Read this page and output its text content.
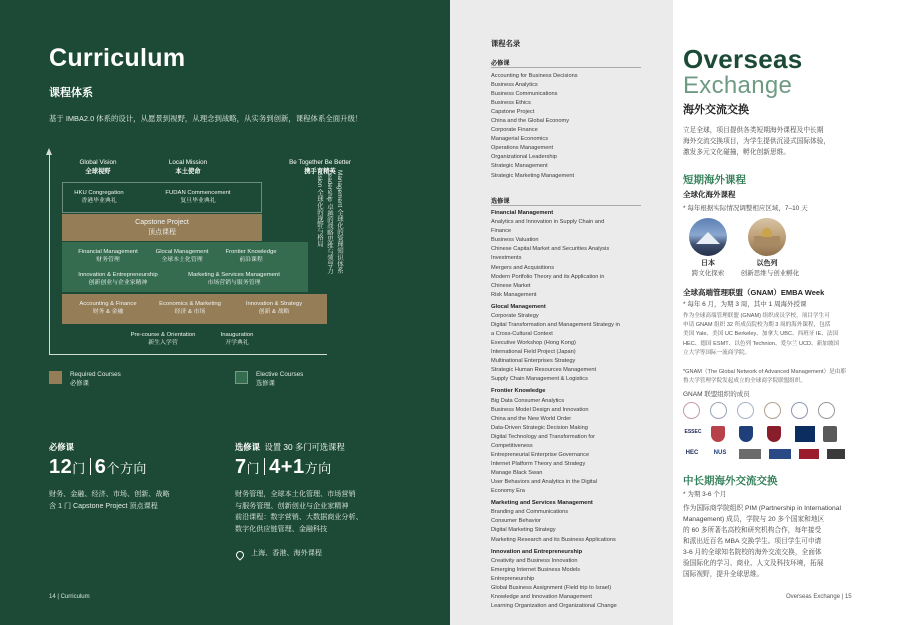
Curriculum
课程体系
基于 IMBA2.0 体系的设计，从愿景到视野，从理念到战略，从实务到创新，课程体系全面升级！
Global Vision
全球视野
Local Mission
本土使命
Be Together Be Better
携手育精英
HKU Congregation
香港毕业典礼
FUDAN Commencement
复旦毕业典礼
Capstone Project
顶点课程
Financial Management
财务管理
Glocal Management
全球本土化管理
Frontier Knowledge
前沿课程
Innovation & Entrepreneurship
创新创业与企业家精神
Marketing & Services Management
市场营销与服务管理
Accounting & Finance
财务 & 金融
Economics & Marketing
经济 & 市场
Innovation & Strategy
创新 & 战略
Pre-course & Orientation
新生入学营
Inauguration
开学典礼
Management 全球化的管理知识体系
Leadership 卓越的战略思维与领导力
Vision 全球化的视野与格局
Required Courses
必修课
Elective Courses
选修课
必修课
12门 6个方向
财务、金融、经济、市场、创新、战略
含 1 门 Capstone Project 顶点课程
选修课 设置 30 多门可选课程
7门 4+1方向
财务管理，全球本土化管理、市场营销
与服务管理、创新创业与企业家精神
前沿课程：数字营销、大数据商业分析、
数字化供应链管理、金融科技
上海、香港、海外课程
14 | Curriculum
课程名录
必修课
Accounting for Business Decisions
Business Analytics
Business Communications
Business Ethics
Capstone Project
China and the Global Economy
Corporate Finance
Managerial Economics
Operations Management
Organizational Leadership
Strategic Management
Strategic Marketing Management
选修课
Financial Management
Analytics and Innovation in Supply Chain and
Finance
Business Valuation
Chinese Capital Market and Securities Analysis
Investments
Mergers and Acquisitions
Modern Portfolio Theory and its Application in
Chinese Market
Risk Management
Glocal Management
Corporate Strategy
Digital Transformation and Management Strategy in
a Cross-Cultural Context
Executive Workshop (Hong Kong)
International Field Project (Japan)
Multinational Enterprises Strategy
Strategic Human Resources Management
Supply Chain Management & Logistics
Frontier Knowledge
Big Data Consumer Analytics
Business Model Design and Innovation
China and the New World Order
Data-Driven Strategic Decision Making
Digital Technology and Transformation for
Competitiveness
Entrepreneurial Enterprise Governance
Internet Platform Theory and Strategy
Manage Black Swan
User Behaviors and Analytics in the Digital
Economy Era
Marketing and Services Management
Branding and Communications
Consumer Behavior
Digital Marketing Strategy
Marketing Research and its Business Applications
Innovation and Entrepreneurship
Creativity and Business Innovation
Emerging Internet Business Models
Entrepreneurship
Global Business Assignment (Field trip to Israel)
Knowledge and Innovation Management
Learning Organization and Organizational Change
Overseas
Exchange
海外交流交换
立足全球，项目提供各类短期海外课程及中长期
海外交流交换项目，为学生提供沉浸式国际体验，
激发多元文化碰撞，孵化创新思维。
短期海外课程
全球化海外课程
* 每年根据实际情况调整相应区域，7–10 天
日本	以色列
跨文化探索	创新思维与创业孵化
全球高端管理联盟（GNAM）EMBA Week
* 每年 6 月，为期 3 周，其中 1 周海外授课
作为全球高端管理联盟 (GNAM) 组织成员学校，项目学生可
申请 GNAM 组织 32 所成员院校为期 3 周的海外课程，包括
美国 Yale、美国 UC Berkeley、加拿大 UBC、西班牙 IE、法国
HEC、德国 ESMT、以色列 Technion、爱尔兰 UCD、新加坡国
立大学等国际一流商学院。
*GNAM（The Global Network of Advanced Management）是由耶
鲁大学管理学院发起成立的全球商学院联盟组织。
GNAM 联盟组织的成员
ESSEC
HEC	NUS
中长期海外交流交换
* 为期 3-6 个月
作为国际商学院组织 PIM (Partnership in International
Management) 成员，学院与 20 多个国家和地区
的 60 多所著名高校和研究机构合作，每年接受
和派出近百名 MBA 交换学生。项目学生可申请
3-6 月的全球知名院校的海外交流交换，全面体
验国际化的学习、商业、人文及科技环境，拓展
国际视野，提升全球思维。
Overseas Exchange | 15
